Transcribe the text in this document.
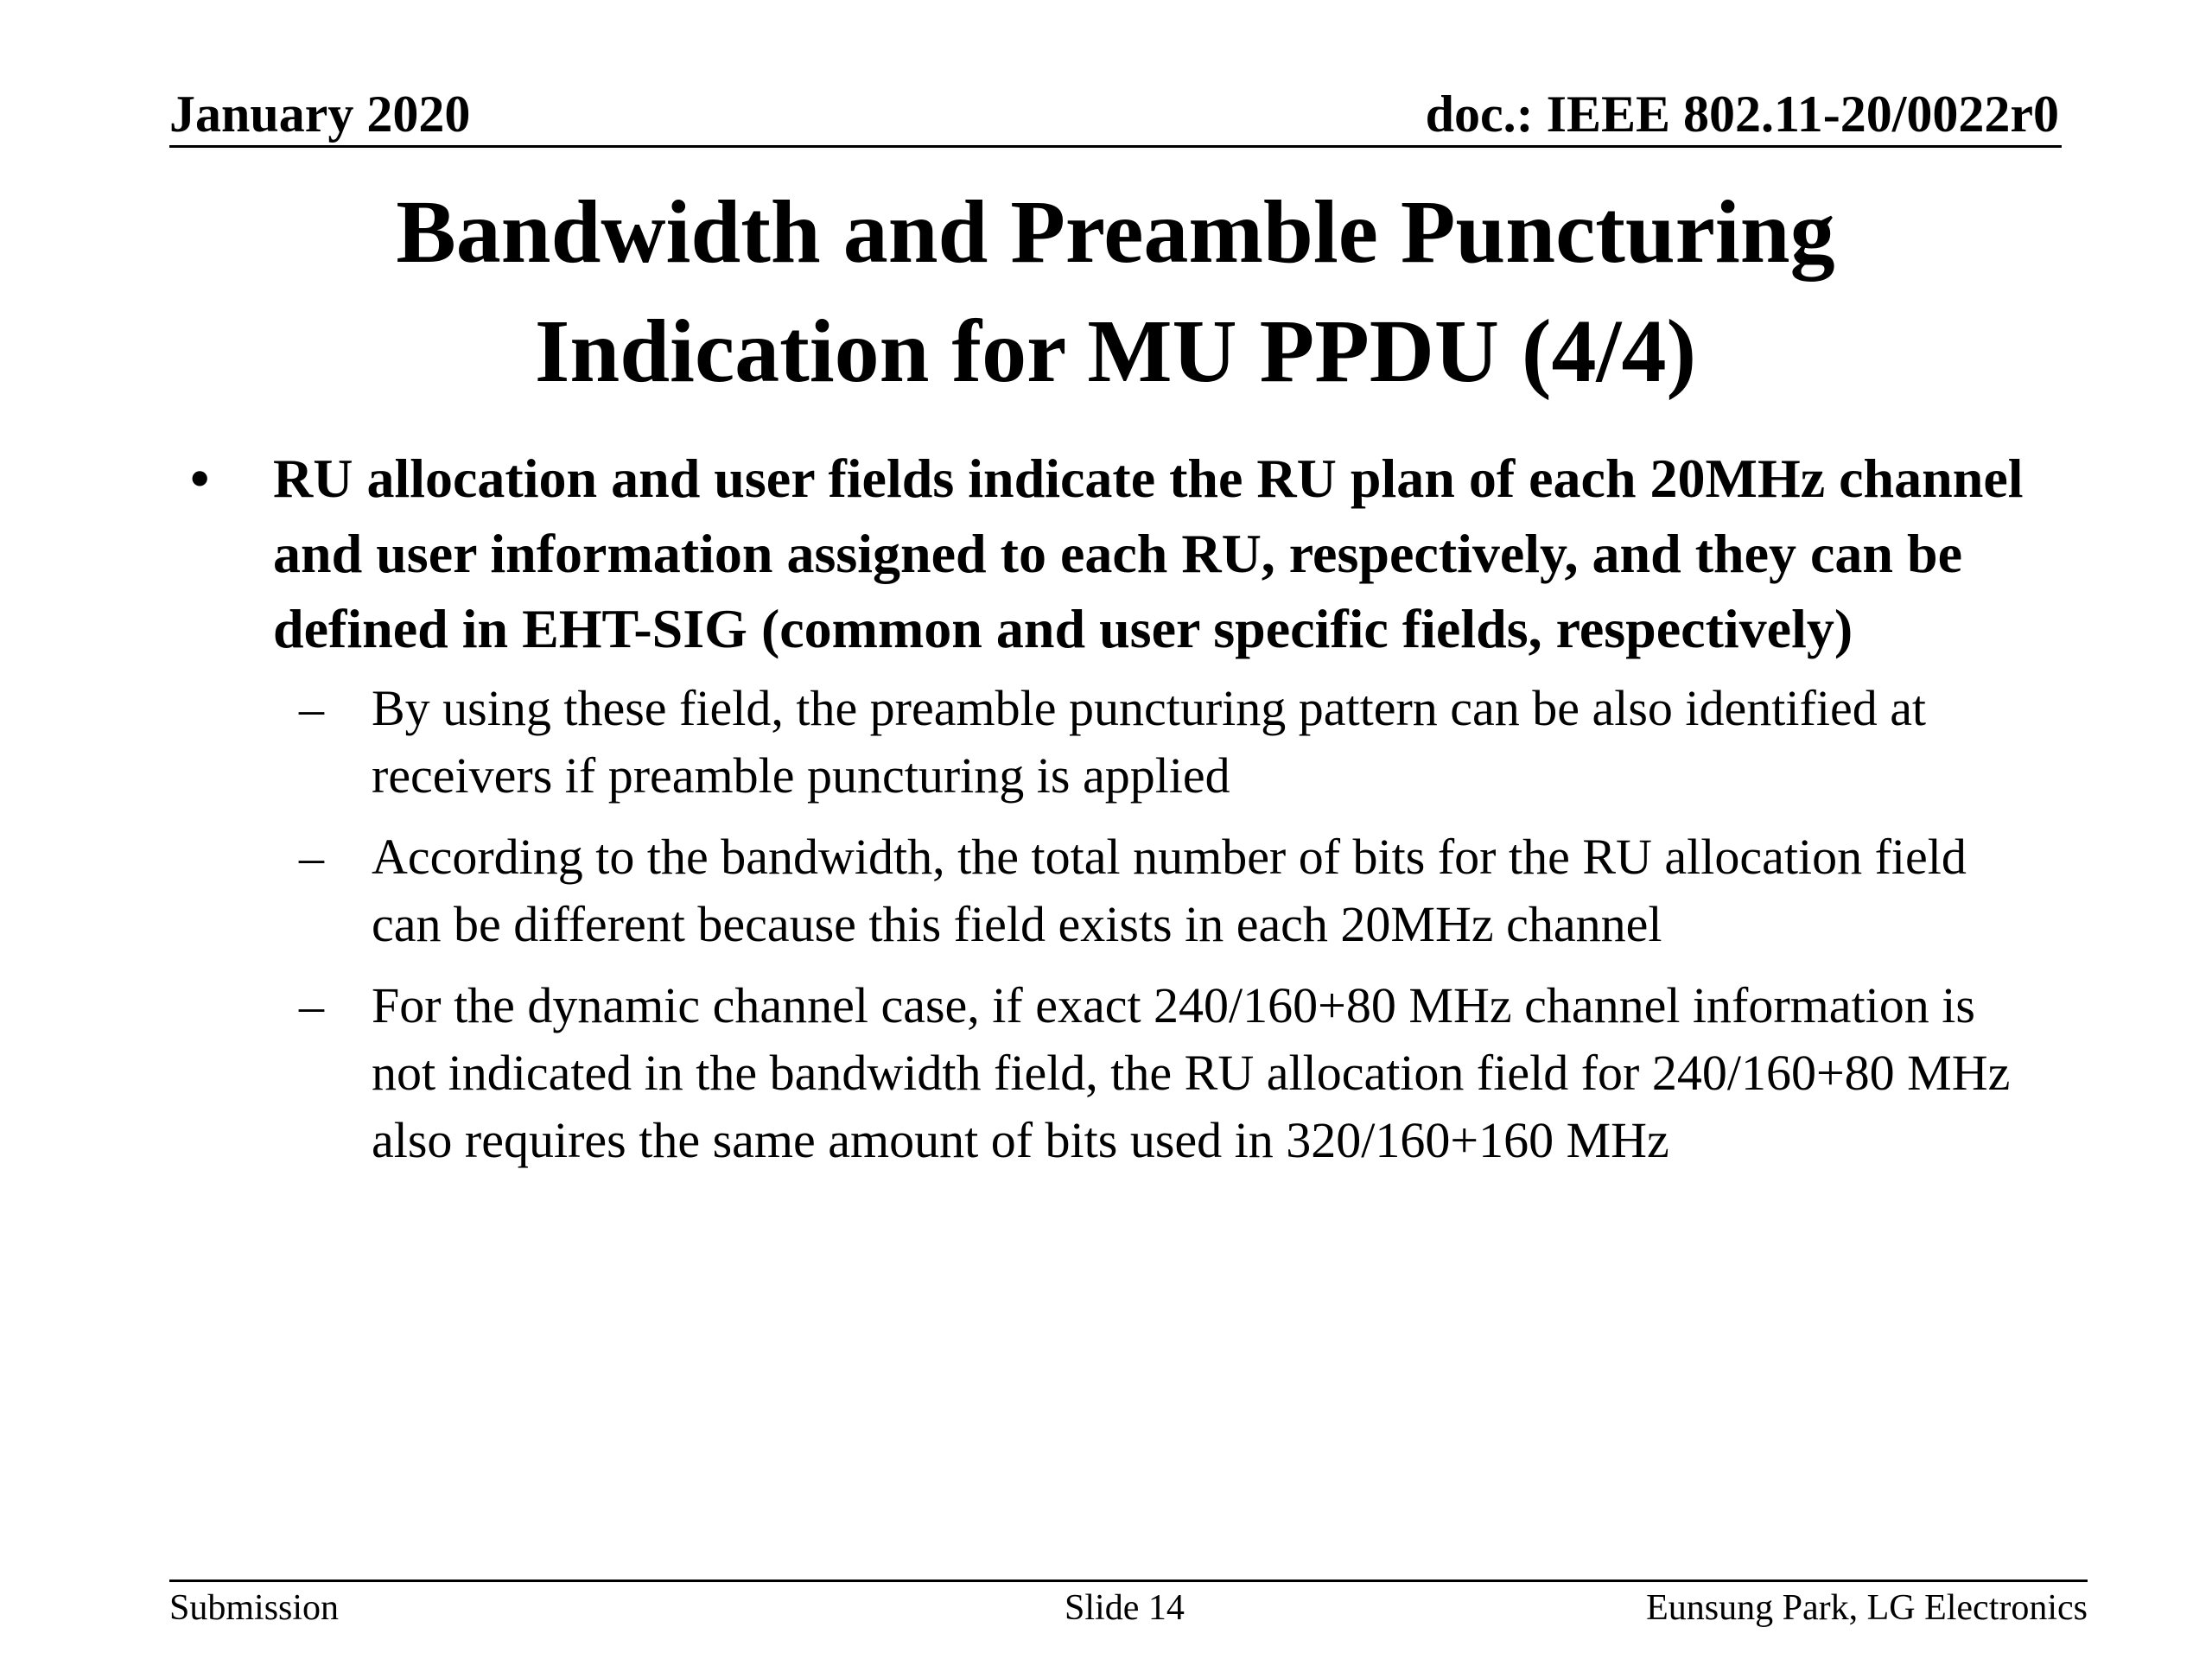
January 2020	doc.: IEEE 802.11-20/0022r0
Bandwidth and Preamble Puncturing
Indication for MU PPDU (4/4)
• RU allocation and user fields indicate the RU plan of each 20MHz channel and user information assigned to each RU, respectively, and they can be defined in EHT-SIG (common and user specific fields, respectively)
– By using these field, the preamble puncturing pattern can be also identified at receivers if preamble puncturing is applied
– According to the bandwidth, the total number of bits for the RU allocation field can be different because this field exists in each 20MHz channel
– For the dynamic channel case, if exact 240/160+80 MHz channel information is not indicated in the bandwidth field, the RU allocation field for 240/160+80 MHz also requires the same amount of bits used in 320/160+160 MHz
Submission	Slide 14	Eunsung Park, LG Electronics
